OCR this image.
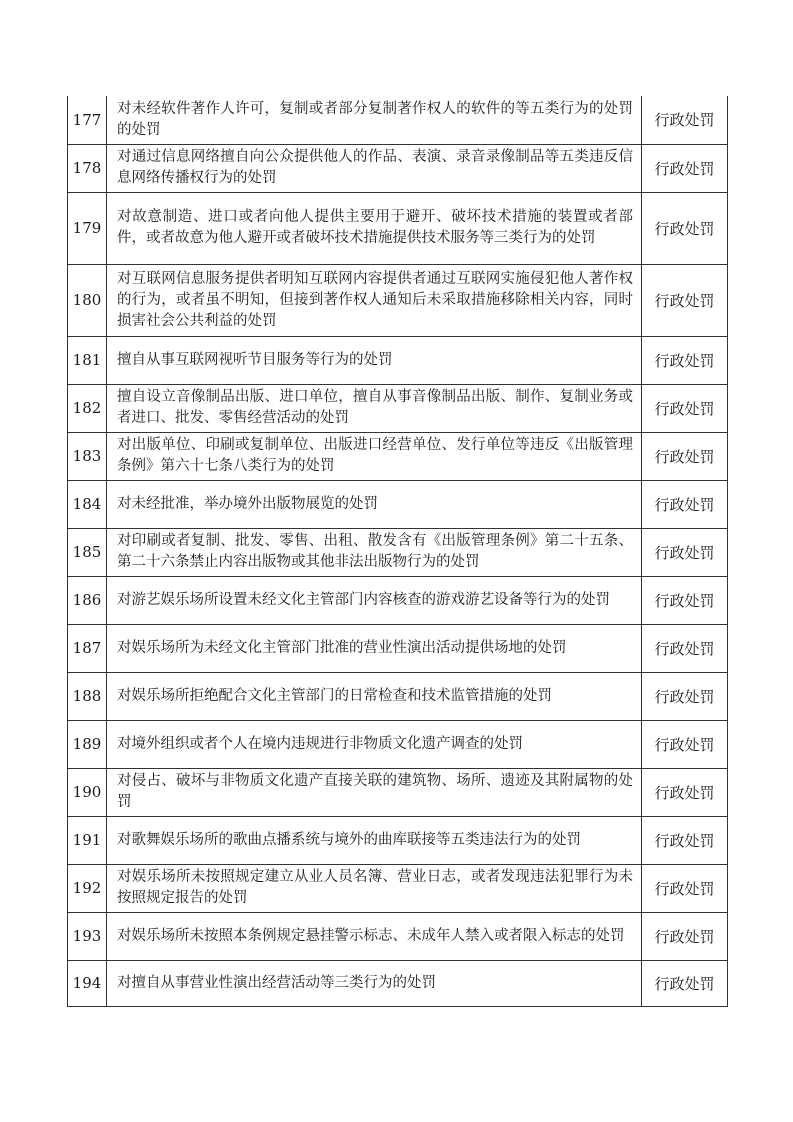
177	对未经软件著作人许可，复制或者部分复制著作权人的软件的等五类行为的处罚的处罚	行政处罚
178	对通过信息网络擅自向公众提供他人的作品、表演、录音录像制品等五类违反信息网络传播权行为的处罚	行政处罚
179	对故意制造、进口或者向他人提供主要用于避开、破坏技术措施的装置或者部件，或者故意为他人避开或者破坏技术措施提供技术服务等三类行为的处罚	行政处罚
180	对互联网信息服务提供者明知互联网内容提供者通过互联网实施侵犯他人著作权的行为，或者虽不明知，但接到著作权人通知后未采取措施移除相关内容，同时损害社会公共利益的处罚	行政处罚
181	擅自从事互联网视听节目服务等行为的处罚	行政处罚
182	擅自设立音像制品出版、进口单位，擅自从事音像制品出版、制作、复制业务或者进口、批发、零售经营活动的处罚	行政处罚
183	对出版单位、印刷或复制单位、出版进口经营单位、发行单位等违反《出版管理条例》第六十七条八类行为的处罚	行政处罚
184	对未经批准，举办境外出版物展览的处罚	行政处罚
185	对印刷或者复制、批发、零售、出租、散发含有《出版管理条例》第二十五条、第二十六条禁止内容出版物或其他非法出版物行为的处罚	行政处罚
186	对游艺娱乐场所设置未经文化主管部门内容核查的游戏游艺设备等行为的处罚	行政处罚
187	对娱乐场所为未经文化主管部门批准的营业性演出活动提供场地的处罚	行政处罚
188	对娱乐场所拒绝配合文化主管部门的日常检查和技术监管措施的处罚	行政处罚
189	对境外组织或者个人在境内违规进行非物质文化遗产调查的处罚	行政处罚
190	对侵占、破坏与非物质文化遗产直接关联的建筑物、场所、遗迹及其附属物的处罚	行政处罚
191	对歌舞娱乐场所的歌曲点播系统与境外的曲库联接等五类违法行为的处罚	行政处罚
192	对娱乐场所未按照规定建立从业人员名簿、营业日志，或者发现违法犯罪行为未按照规定报告的处罚	行政处罚
193	对娱乐场所未按照本条例规定悬挂警示标志、未成年人禁入或者限入标志的处罚	行政处罚
194	对擅自从事营业性演出经营活动等三类行为的处罚	行政处罚
